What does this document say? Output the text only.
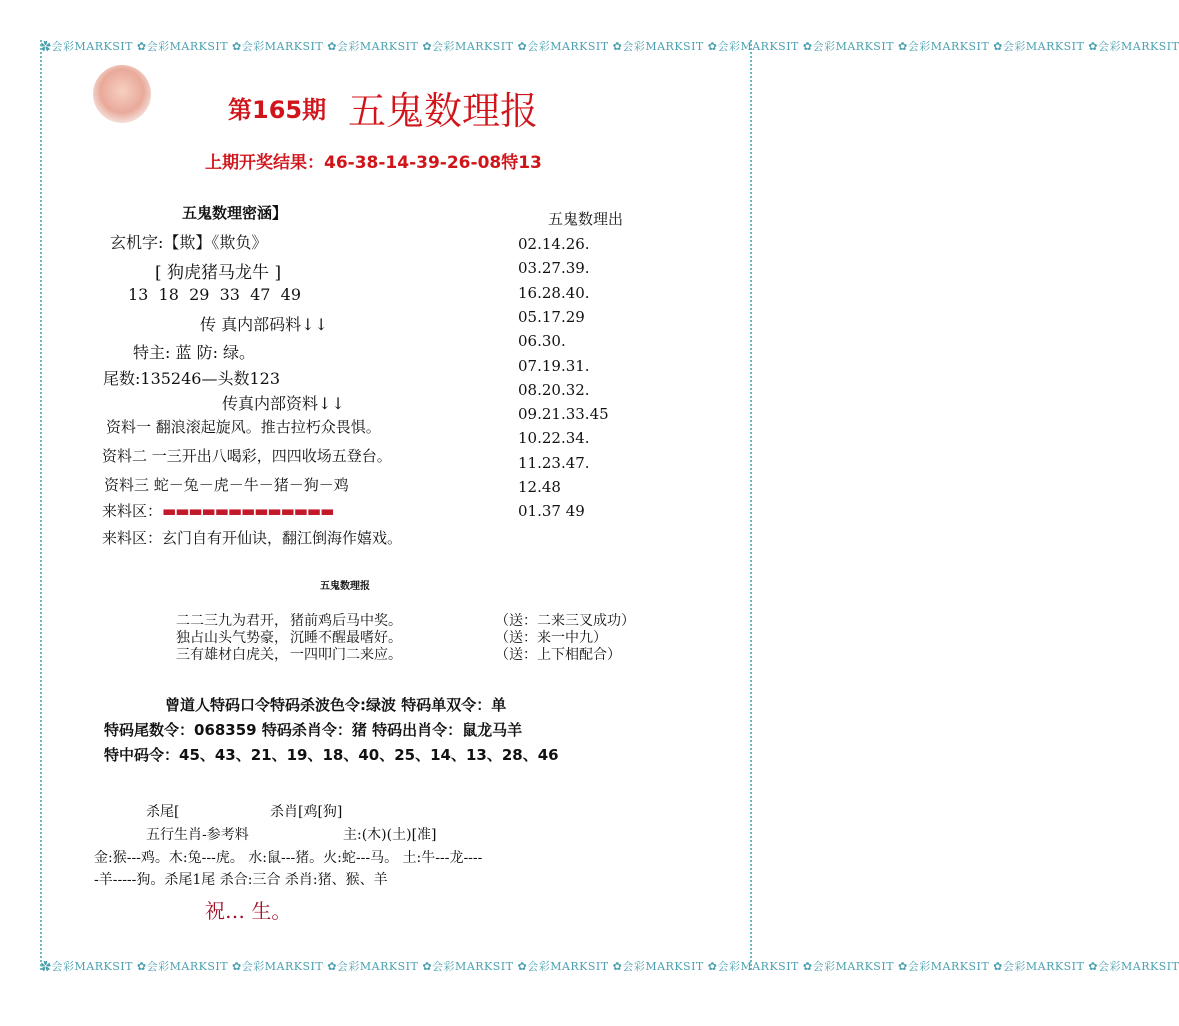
✿会彩MARKSIT ✿会彩MARKSIT ✿会彩MARKSIT ✿会彩MARKSIT ✿会彩MARKSIT ✿会彩MARKSIT ✿会彩MARKSIT ✿会彩MARKSIT ✿会彩MARKSIT ✿会彩MARKSIT ✿会彩MARKSIT ✿会彩MARKSIT
✿会彩MARKSIT ✿会彩MARKSIT ✿会彩MARKSIT ✿会彩MARKSIT ✿会彩MARKSIT ✿会彩MARKSIT ✿会彩MARKSIT ✿会彩MARKSIT ✿会彩MARKSIT ✿会彩MARKSIT ✿会彩MARKSIT ✿会彩MARKSIT
第165期 五鬼数理报
上期开奖结果：46-38-14-39-26-08特13
五鬼数理密涵】
玄机字:【欺】《欺负》
[ 狗虎猪马龙牛 ]
13  18  29  33  47  49
传 真内部码料↓↓
特主: 蓝 防: 绿。
尾数:135246—头数123
传真内部资料↓↓
资料一 翻浪滚起旋风。推古拉朽众畏惧。
资料二 一三开出八喝彩，四四收场五登台。
资料三 蛇－兔－虎－牛－猪－狗－鸡
来料区：▬▬▬▬▬▬▬▬▬▬▬▬▬
来料区：玄门自有开仙诀，翻江倒海作嬉戏。
五鬼数理出
02.14.26.
03.27.39.
16.28.40.
05.17.29
06.30.
07.19.31.
08.20.32.
09.21.33.45
10.22.34.
11.23.47.
12.48
01.37 49
五鬼数理报
二二三九为君开， 猪前鸡后马中奖。	（送：二来三叉成功）
独占山头气势豪， 沉睡不醒最嗜好。	（送：来一中九）
三有雄材白虎关， 一四叩门二来应。	（送：上下相配合）
曾道人特码口令特码杀波色令:绿波 特码单双令：单
特码尾数令：068359 特码杀肖令：猪 特码出肖令：鼠龙马羊
特中码令：45、43、21、19、18、40、25、14、13、28、46
杀尾[	杀肖[鸡[狗]
五行生肖-参考料	主:(木)(土)[准]
金:猴---鸡。木:兔---虎。 水:鼠---猪。火:蛇---马。 土:牛---龙----
-羊-----狗。杀尾1尾 杀合:三合 杀肖:猪、猴、羊
祝… 生。
